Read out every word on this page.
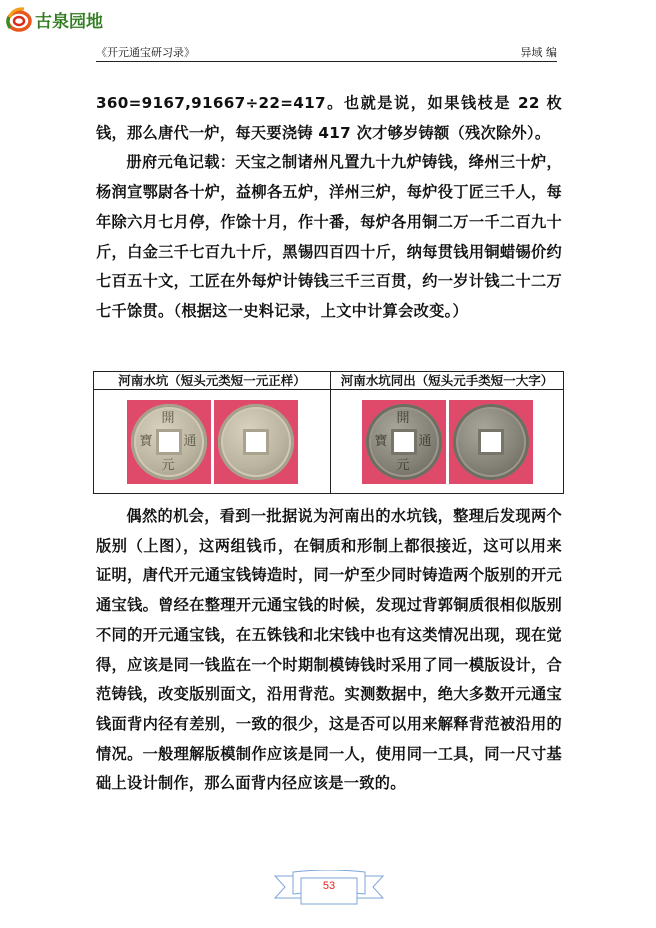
古泉园地
《开元通宝研习录》	异域 编

360=9167,91667÷22=417。也就是说，如果钱枝是 22 枚钱，那么唐代一炉，每天要浇铸 417 次才够岁铸额（残次除外）。

册府元龟记载：天宝之制诸州凡置九十九炉铸钱，绛州三十炉，杨润宣鄂尉各十炉，益柳各五炉，洋州三炉，每炉役丁匠三千人，每年除六月七月停，作馀十月，作十番，每炉各用铜二万一千二百九十斤，白金三千七百九十斤，黑锡四百四十斤，纳每贯钱用铜蜡锡价约七百五十文，工匠在外每炉计铸钱三千三百贯，约一岁计钱二十二万七千馀贯。（根据这一史料记录，上文中计算会改变。）

河南水坑（短头元类短一元正样）	河南水坑同出（短头元手类短一大字）

開
元
通
寶	開
元
通
寶

偶然的机会，看到一批据说为河南出的水坑钱，整理后发现两个版别（上图），这两组钱币，在铜质和形制上都很接近，这可以用来证明，唐代开元通宝钱铸造时，同一炉至少同时铸造两个版别的开元通宝钱。曾经在整理开元通宝钱的时候，发现过背郭铜质很相似版别不同的开元通宝钱，在五铢钱和北宋钱中也有这类情况出现，现在觉得，应该是同一钱监在一个时期制模铸钱时采用了同一模版设计，合范铸钱，改变版别面文，沿用背范。实测数据中，绝大多数开元通宝钱面背内径有差别，一致的很少，这是否可以用来解释背范被沿用的情况。一般理解版模制作应该是同一人，使用同一工具，同一尺寸基础上设计制作，那么面背内径应该是一致的。

53
